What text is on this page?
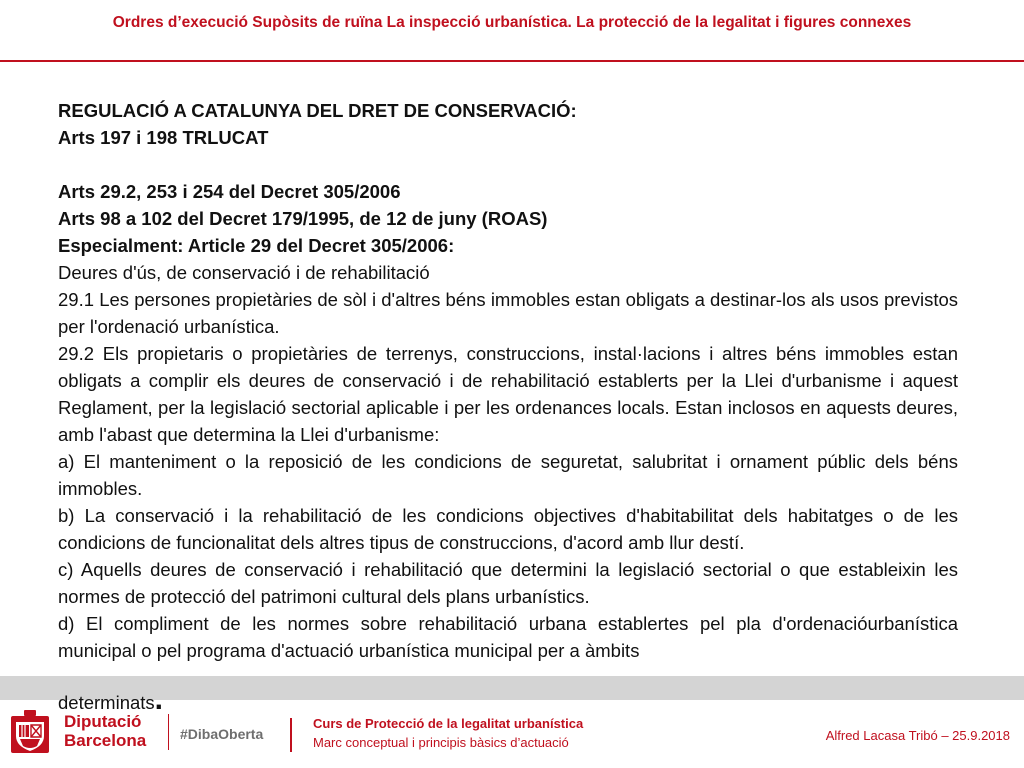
Ordres d’execució Supòsits de ruïna La inspecció urbanística. La protecció de la legalitat i figures connexes

REGULACIÓ A CATALUNYA DEL DRET DE CONSERVACIÓ:

Arts 197 i 198 TRLUCAT

Arts 29.2, 253 i 254 del Decret 305/2006

Arts 98 a 102 del Decret 179/1995, de 12 de juny (ROAS)

Especialment: Article 29 del Decret 305/2006:

Deures d'ús, de conservació i de rehabilitació

29.1 Les persones propietàries de sòl i d'altres béns immobles estan obligats a destinar-los als usos previstos per l'ordenació urbanística.

29.2 Els propietaris o propietàries de terrenys, construccions, instal·lacions i altres béns immobles estan obligats a complir els deures de conservació i de rehabilitació establerts per la Llei d'urbanisme i aquest Reglament, per la legislació sectorial aplicable i per les ordenances locals. Estan inclosos en aquests deures, amb l'abast que determina la Llei d'urbanisme:

a) El manteniment o la reposició de les condicions de seguretat, salubritat i ornament públic dels béns immobles.

b) La conservació i la rehabilitació de les condicions objectives d'habitabilitat dels habitatges o de les condicions de funcionalitat dels altres tipus de construccions, d'acord amb llur destí.

c) Aquells deures de conservació i rehabilitació que determini la legislació sectorial o que estableixin les normes de protecció del patrimoni cultural dels plans urbanístics.

d) El compliment de les normes sobre rehabilitació urbana establertes pel pla d'ordenacióurbanística municipal o pel programa d'actuació urbanística municipal per a àmbits

determinats.
Diputació
Barcelona #DibaOberta
Curs de Protecció de la legalitat urbanística
Marc conceptual i principis bàsics d’actuació	Alfred Lacasa Tribó – 25.9.2018
